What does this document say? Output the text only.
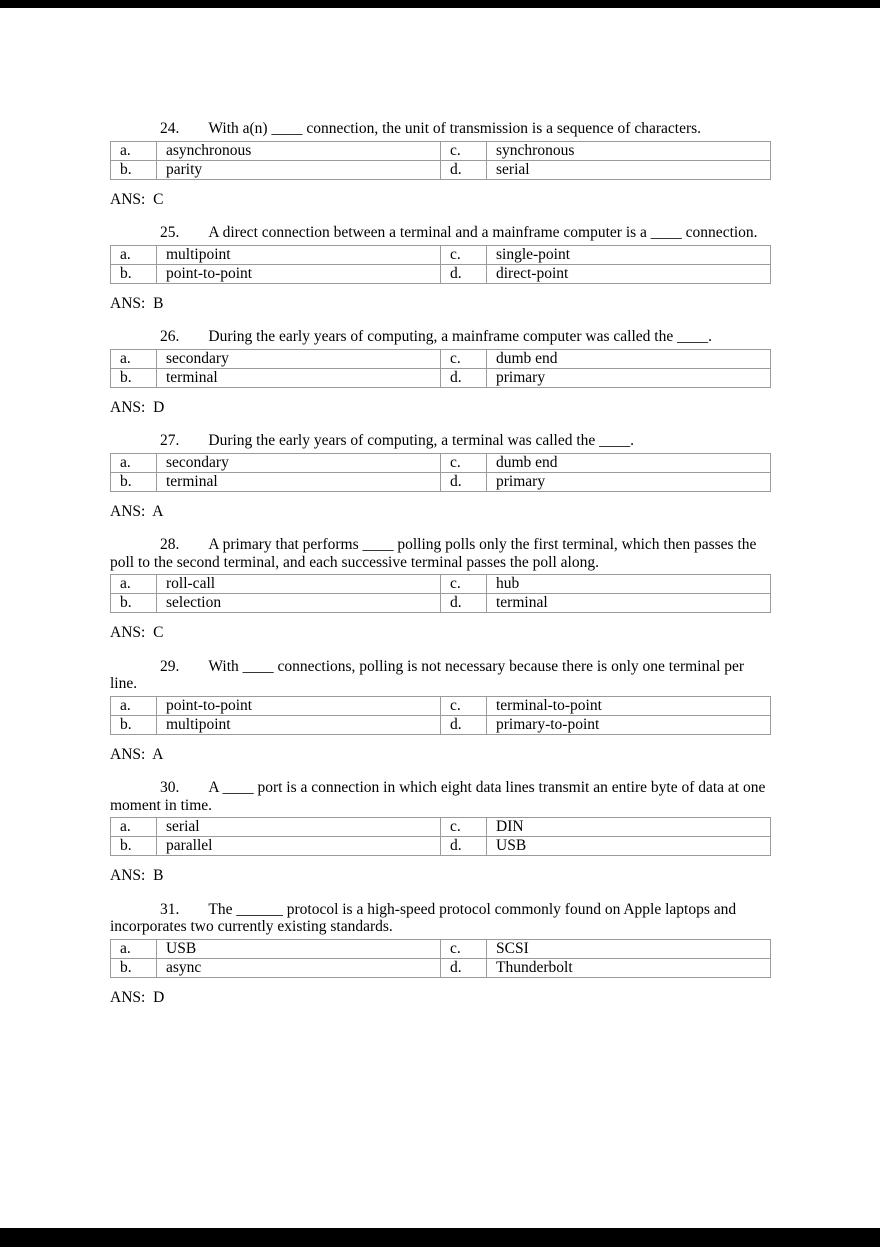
24. With a(n) ____ connection, the unit of transmission is a sequence of characters.

a.	asynchronous	c.	synchronous
b.	parity	d.	serial

ANS:  C

25. A direct connection between a terminal and a mainframe computer is a ____ connection.

a.	multipoint	c.	single-point
b.	point-to-point	d.	direct-point

ANS:  B

26. During the early years of computing, a mainframe computer was called the ____.

a.	secondary	c.	dumb end
b.	terminal	d.	primary

ANS:  D

27. During the early years of computing, a terminal was called the ____.

a.	secondary	c.	dumb end
b.	terminal	d.	primary

ANS:  A

28. A primary that performs ____ polling polls only the first terminal, which then passes the poll to the second terminal, and each successive terminal passes the poll along.

a.	roll-call	c.	hub
b.	selection	d.	terminal

ANS:  C

29. With ____ connections, polling is not necessary because there is only one terminal per line.

a.	point-to-point	c.	terminal-to-point
b.	multipoint	d.	primary-to-point

ANS:  A

30. A ____ port is a connection in which eight data lines transmit an entire byte of data at one moment in time.

a.	serial	c.	DIN
b.	parallel	d.	USB

ANS:  B

31. The ______ protocol is a high-speed protocol commonly found on Apple laptops and incorporates two currently existing standards.

a.	USB	c.	SCSI
b.	async	d.	Thunderbolt

ANS:  D
